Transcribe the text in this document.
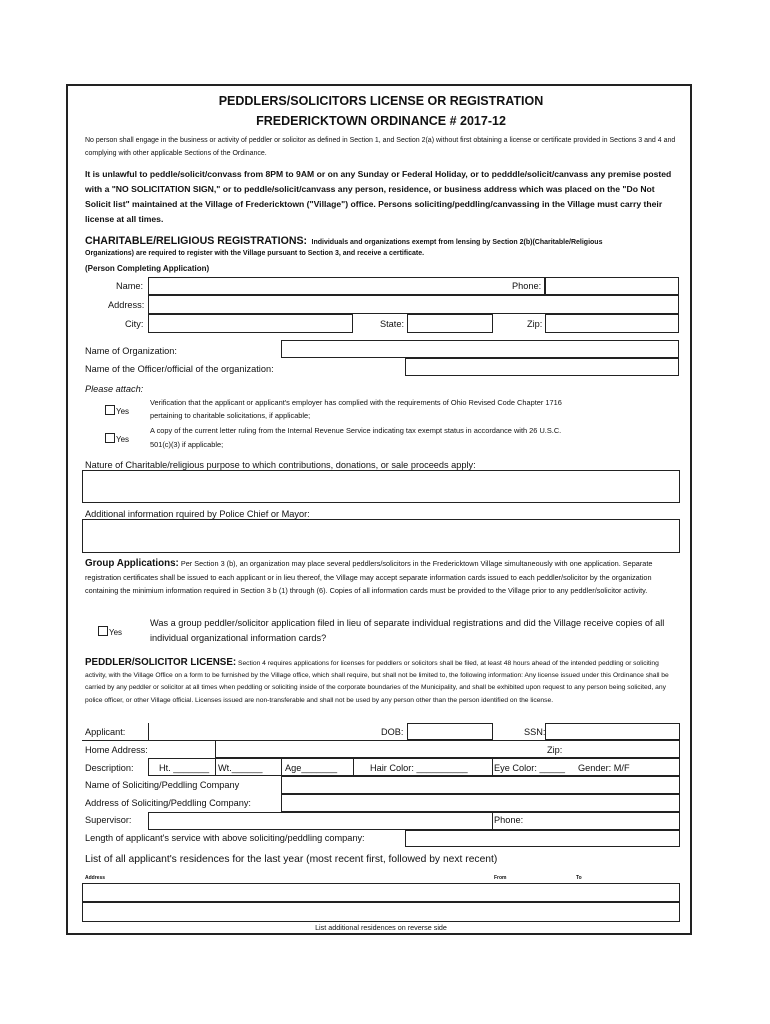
PEDDLERS/SOLICITORS LICENSE OR REGISTRATION
FREDERICKTOWN ORDINANCE # 2017-12
No person shall engage in the business or activity of peddler or solicitor as defined in Section 1, and Section 2(a) without first obtaining a license or certificate provided in Sections 3 and 4 and complying with other applicable Sections of the Ordinance.
It is unlawful to peddle/solicit/convass from 8PM to 9AM or on any Sunday or Federal Holiday, or to pedddle/solicit/canvass any premise posted with a "NO SOLICITATION SIGN," or to peddle/solicit/canvass any person, residence, or business address which was placed on the "Do Not Solicit list" maintained at the Village of Fredericktown ("Village") office. Persons soliciting/peddling/canvassing in the Village must carry their license at all times.
CHARITABLE/RELIGIOUS REGISTRATIONS: Individuals and organizations exempt from lensing by Section 2(b)(Charitable/Religious
Organizations) are required to register with the Village pursuant to Section 3, and receive a certificate.
(Person Completing Application)
Name:	Phone:
Address:
City:	State:	Zip:
Name of Organization:
Name of the Officer/official of the organization:
Please attach:
Yes
Verification that the applicant or applicant's employer has complied with the requirements of Ohio Revised Code Chapter 1716
pertaining to charitable solicitations, if applicable;
Yes
A copy of the current letter ruling from the Internal Revenue Service indicating tax exempt status in accordance with 26 U.S.C.
501(c)(3) if applicable;
Nature of Charitable/religious purpose to which contributions, donations, or sale proceeds apply:
Additional information rquired by Police Chief or Mayor:
Group Applications: Per Section 3 (b), an organization may place several peddlers/solicitors in the Fredericktown Village simultaneously with one application. Separate registration certificates shall be issued to each applicant or in lieu thereof, the Village may accept separate information cards issued to each peddler/solicitor by the organization containing the minimium information required in Section 3 b (1) through (6). Copies of all information cards must be provided to the Village prior to any peddler/solicitor activity.
Yes
Was a group peddler/solicitor application filed in lieu of separate individual registrations and did the Village receive copies of all individual organizational information cards?
PEDDLER/SOLICITOR LICENSE: Section 4 requires applications for licenses for peddlers or solicitors shall be filed, at least 48 hours ahead of the intended peddling or soliciting activity, with the Village Office on a form to be furnished by the Village office, which shall require, but shall not be limited to, the following information: Any license issued under this Ordinance shall be carried by any peddler or solicitor at all times when peddling or soliciting inside of the corporate boundaries of the Municipality, and shall be exhibited upon request to any person being solicited, any police officer, or other Village official. Licenses issued are non-transferable and shall not be used by any person other than the person identified on the license.
Applicant:	DOB:	SSN:
Home Address:	Zip:
Description:	Ht. _______ Wt.______ Age_______	Hair Color: __________	Eye Color: _____ Gender: M/F
Name of Soliciting/Peddling Company
Address of Soliciting/Peddling Company:
Supervisor:	Phone:
Length of applicant's service with above soliciting/peddling company:
List of all applicant's residences for the last year (most recent first, followed by next recent)
Address	From	To
List additional residences on reverse side
